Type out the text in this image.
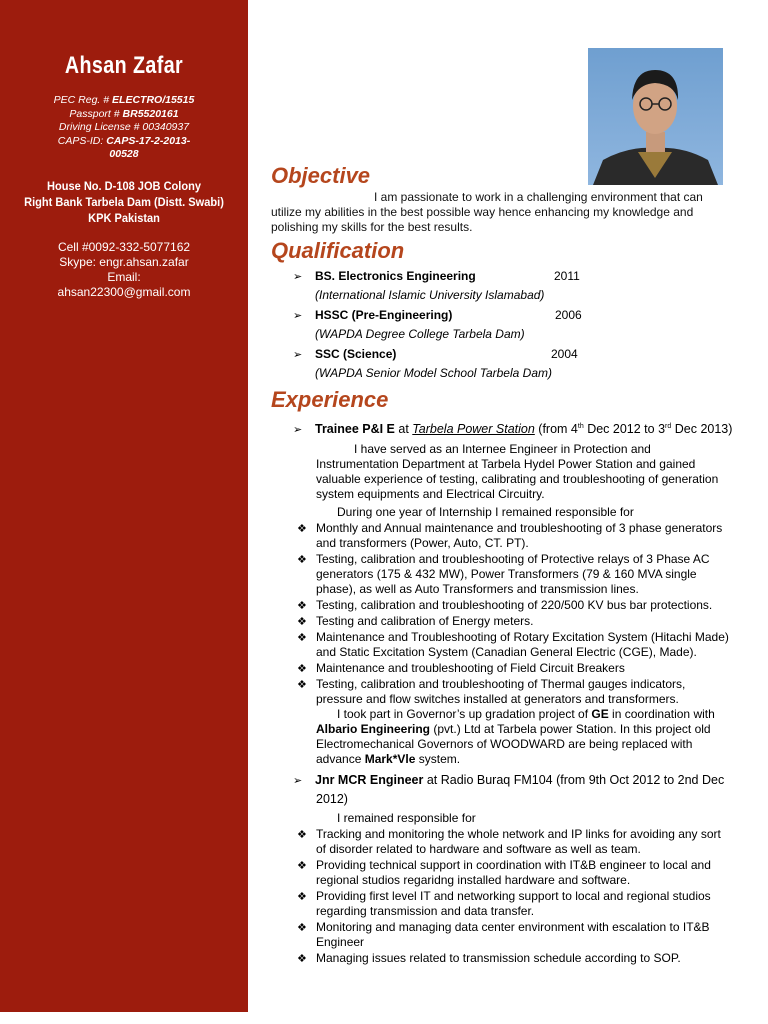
Ahsan Zafar
PEC Reg. # ELECTRO/15515
Passport # BR5520161
Driving License # 00340937
CAPS-ID: CAPS-17-2-2013-
00528
House No. D-108 JOB Colony
Right Bank Tarbela Dam (Distt. Swabi)
KPK Pakistan
Cell #0092-332-5077162
Skype: engr.ahsan.zafar
Email:
ahsan22300@gmail.com
Objective
I am passionate to work in a challenging environment that can
utilize my abilities in the best possible way hence enhancing my knowledge and
polishing my skills for the best results.
Qualification
➢ BS. Electronics Engineering	2011
(International Islamic University Islamabad)
➢ HSSC (Pre-Engineering)	2006
(WAPDA Degree College Tarbela Dam)
➢ SSC (Science)	2004
(WAPDA Senior Model School Tarbela Dam)
Experience
➢ Trainee P&I E at Tarbela Power Station (from 4th Dec 2012 to 3rd Dec 2013)
I have served as an Internee Engineer in Protection and
Instrumentation Department at Tarbela Hydel Power Station and gained
valuable experience of testing, calibrating and troubleshooting of generation
system equipments and Electrical Circuitry.
During one year of Internship I remained responsible for
❖ Monthly and Annual maintenance and troubleshooting of 3 phase generators
and transformers (Power, Auto, CT. PT).
❖ Testing, calibration and troubleshooting of Protective relays of 3 Phase AC
generators (175 & 432 MW), Power Transformers (79 & 160 MVA single
phase), as well as Auto Transformers and transmission lines.
❖ Testing, calibration and troubleshooting of 220/500 KV bus bar protections.
❖ Testing and calibration of Energy meters.
❖ Maintenance and Troubleshooting of Rotary Excitation System (Hitachi Made)
and Static Excitation System (Canadian General Electric (CGE), Made).
❖ Maintenance and troubleshooting of Field Circuit Breakers
❖ Testing, calibration and troubleshooting of Thermal gauges indicators,
pressure and flow switches installed at generators and transformers.
I took part in Governor’s up gradation project of GE in coordination with
Albario Engineering (pvt.) Ltd at Tarbela power Station. In this project old
Electromechanical Governors of WOODWARD are being replaced with
advance Mark*Vle system.
➢ Jnr MCR Engineer at Radio Buraq FM104 (from 9th Oct 2012 to 2nd Dec
2012)
I remained responsible for
❖ Tracking and monitoring the whole network and IP links for avoiding any sort
of disorder related to hardware and software as well as team.
❖ Providing technical support in coordination with IT&B engineer to local and
regional studios regaridng installed hardware and software.
❖ Providing first level IT and networking support to local and regional studios
regarding transmission and data transfer.
❖ Monitoring and managing data center environment with escalation to IT&B
Engineer
❖ Managing issues related to transmission schedule according to SOP.
